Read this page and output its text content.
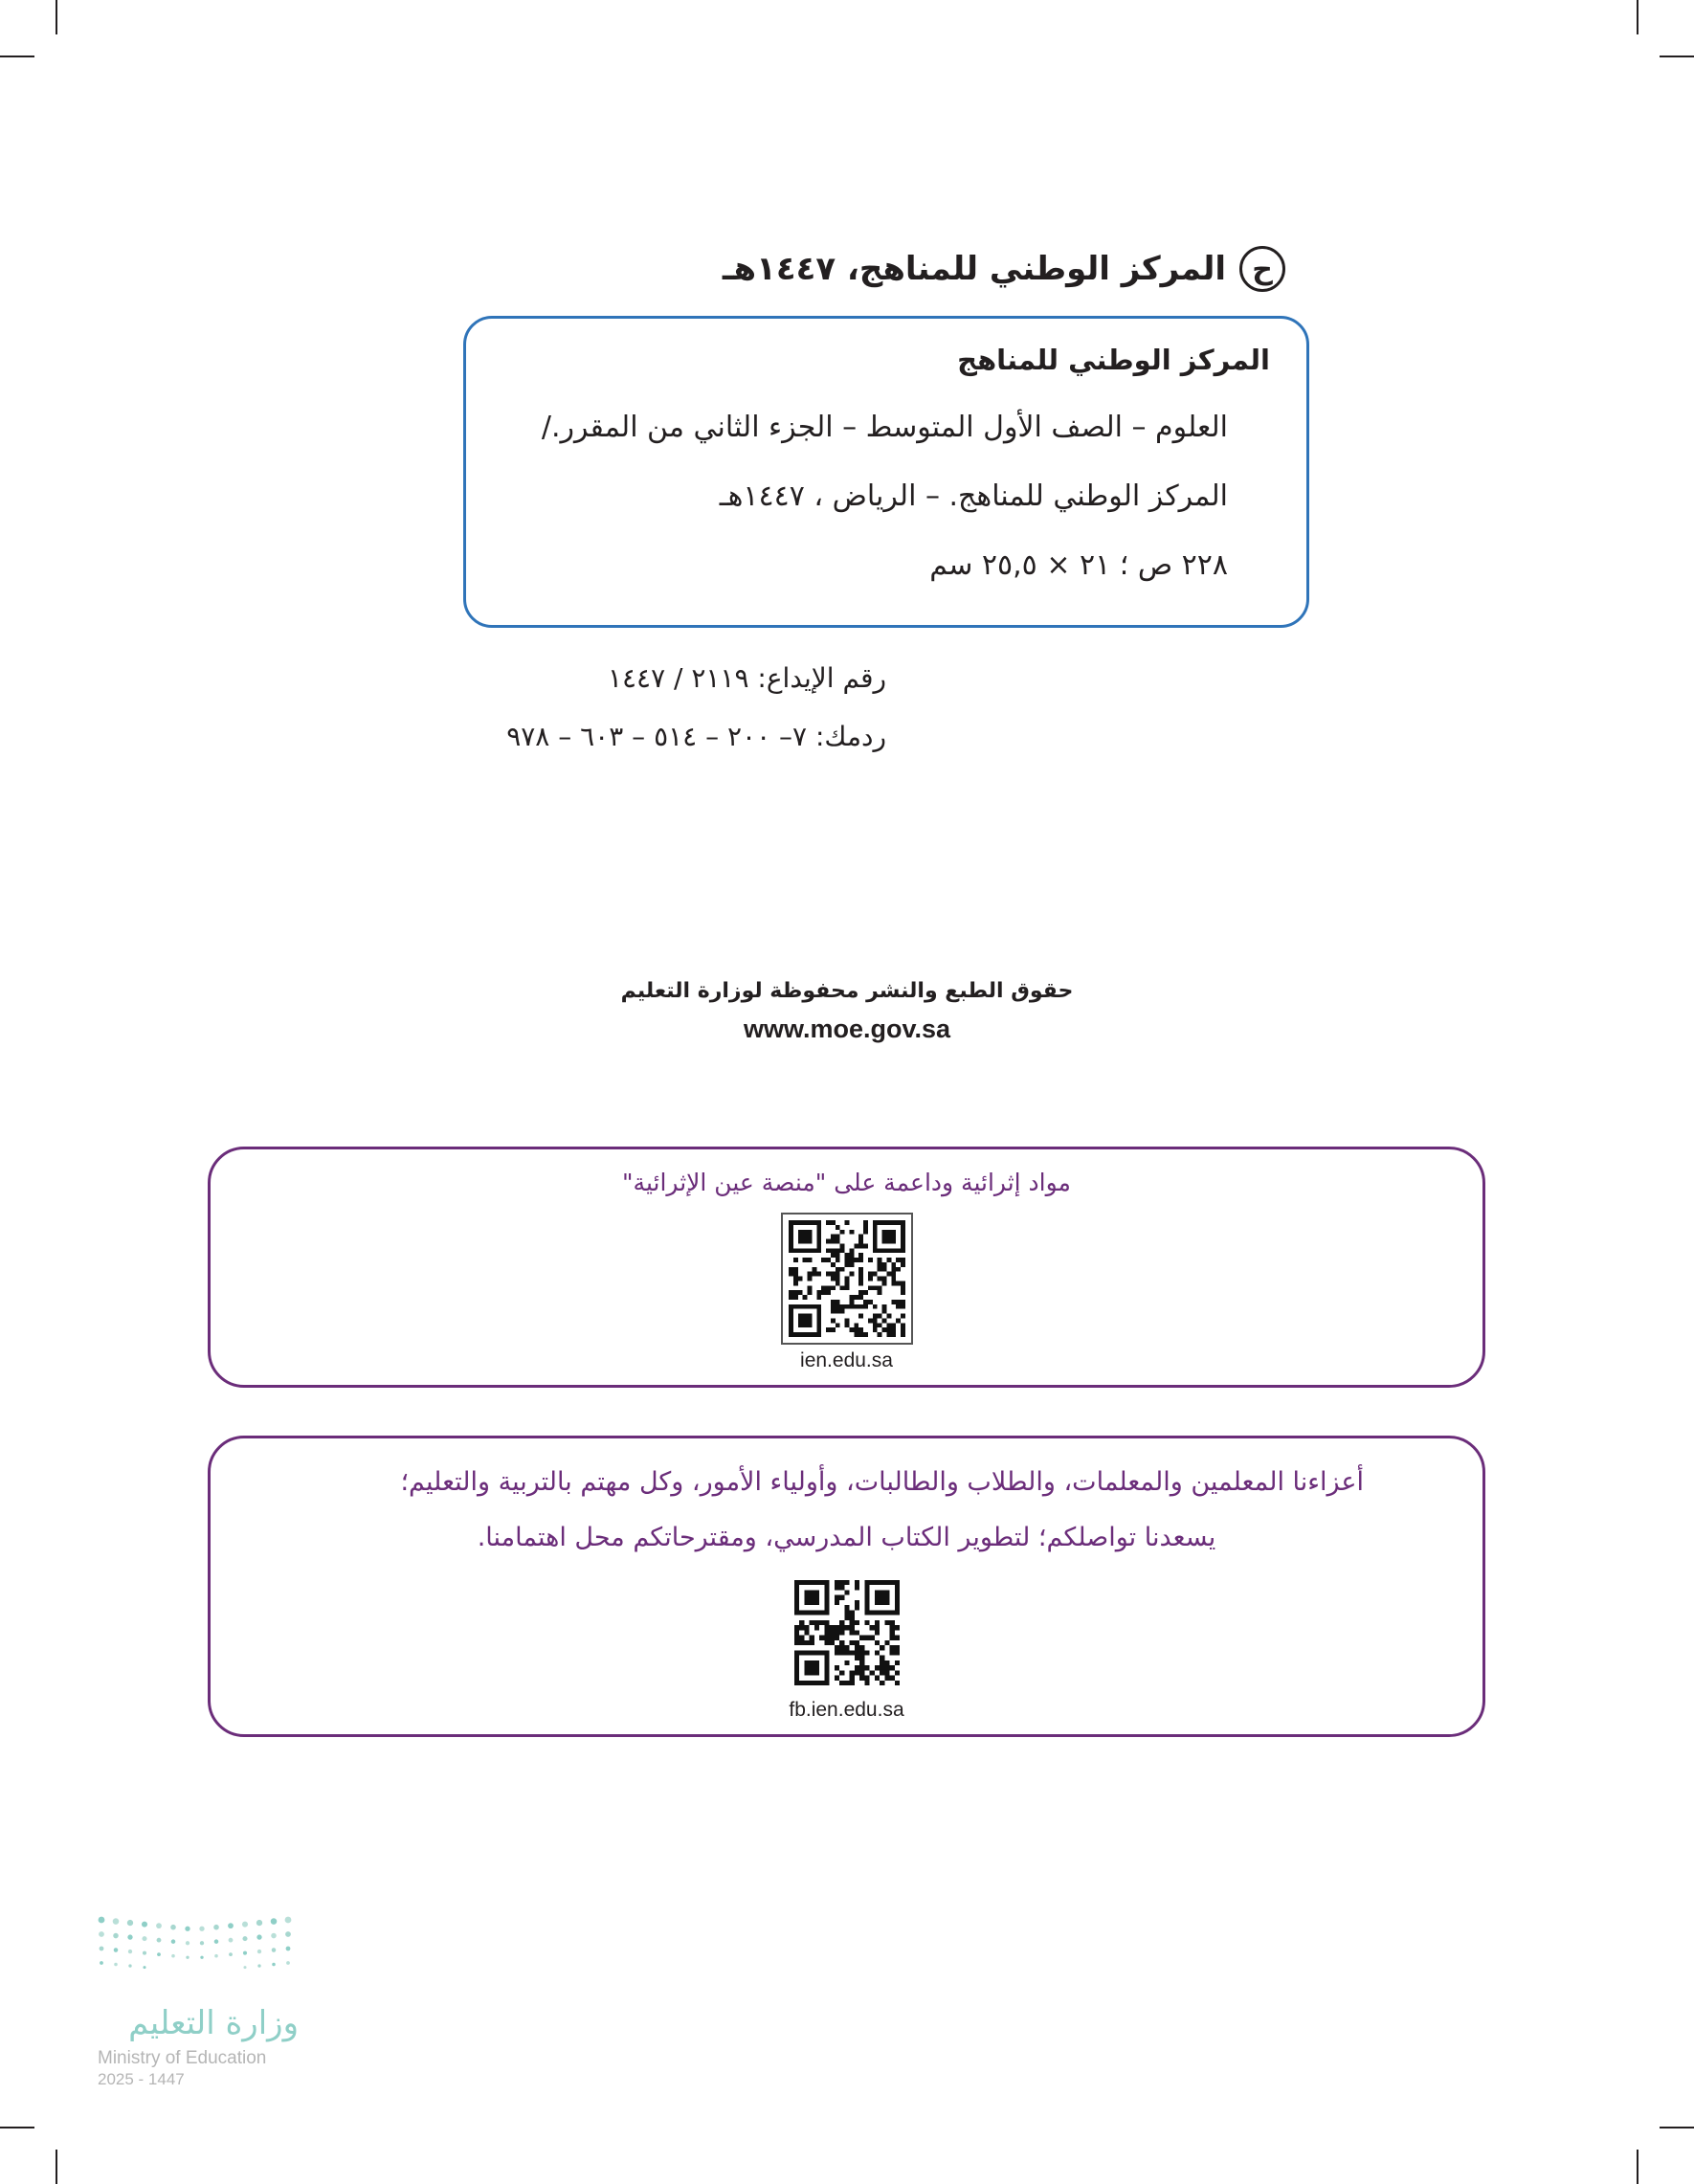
ح
المركز الوطني للمناهج، ١٤٤٧هـ
المركز الوطني للمناهج
العلوم – الصف الأول المتوسط – الجزء الثاني من المقرر./
المركز الوطني للمناهج. – الرياض ، ١٤٤٧هـ
٢٢٨ ص ؛ ٢١ × ٢٥,٥ سم
رقم الإيداع: ٢١١٩ / ١٤٤٧
ردمك: ٧– ٢٠٠ – ٥١٤ – ٦٠٣ – ٩٧٨
حقوق الطبع والنشر محفوظة لوزارة التعليم
www.moe.gov.sa
مواد إثرائية وداعمة على "منصة عين الإثرائية"
ien.edu.sa
أعزاءنا المعلمين والمعلمات، والطلاب والطالبات، وأولياء الأمور، وكل مهتم بالتربية والتعليم؛
يسعدنا تواصلكم؛ لتطوير الكتاب المدرسي، ومقترحاتكم محل اهتمامنا.
fb.ien.edu.sa
وزارة التعليم
Ministry of Education
2025 - 1447
